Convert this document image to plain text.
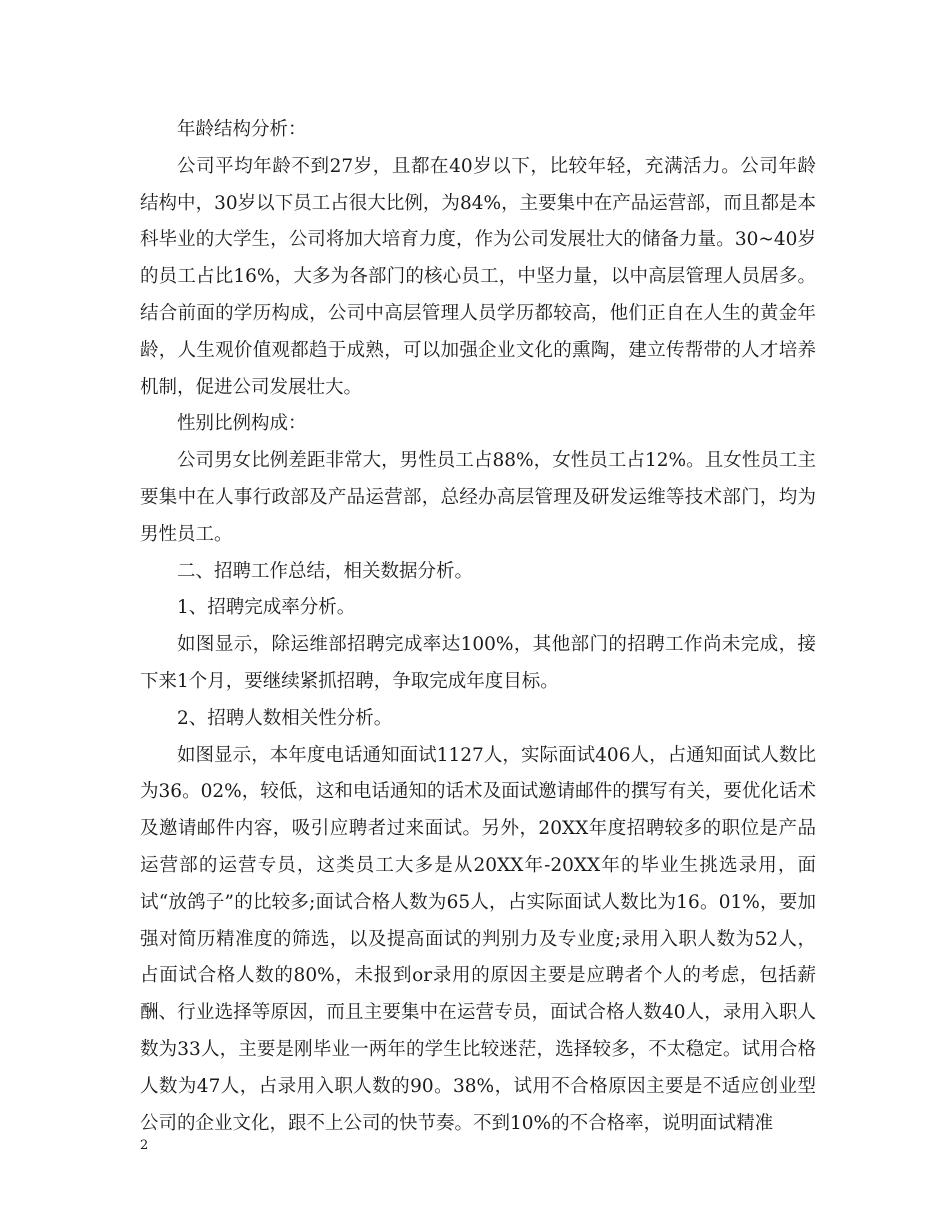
年龄结构分析：

公司平均年龄不到27岁，且都在40岁以下，比较年轻，充满活力。公司年龄结构中，30岁以下员工占很大比例，为84%，主要集中在产品运营部，而且都是本科毕业的大学生，公司将加大培育力度，作为公司发展壮大的储备力量。30~40岁的员工占比16%，大多为各部门的核心员工，中坚力量，以中高层管理人员居多。结合前面的学历构成，公司中高层管理人员学历都较高，他们正自在人生的黄金年龄，人生观价值观都趋于成熟，可以加强企业文化的熏陶，建立传帮带的人才培养机制，促进公司发展壮大。

性别比例构成：

公司男女比例差距非常大，男性员工占88%，女性员工占12%。且女性员工主要集中在人事行政部及产品运营部，总经办高层管理及研发运维等技术部门，均为男性员工。

二、招聘工作总结，相关数据分析。

1、招聘完成率分析。

如图显示，除运维部招聘完成率达100%，其他部门的招聘工作尚未完成，接下来1个月，要继续紧抓招聘，争取完成年度目标。

2、招聘人数相关性分析。

如图显示，本年度电话通知面试1127人，实际面试406人，占通知面试人数比为36。02%，较低，这和电话通知的话术及面试邀请邮件的撰写有关，要优化话术及邀请邮件内容，吸引应聘者过来面试。另外，20XX年度招聘较多的职位是产品运营部的运营专员，这类员工大多是从20XX年-20XX年的毕业生挑选录用，面试“放鸽子”的比较多;面试合格人数为65人，占实际面试人数比为16。01%，要加强对简历精准度的筛选，以及提高面试的判别力及专业度;录用入职人数为52人，占面试合格人数的80%，未报到or录用的原因主要是应聘者个人的考虑，包括薪酬、行业选择等原因，而且主要集中在运营专员，面试合格人数40人，录用入职人数为33人，主要是刚毕业一两年的学生比较迷茫，选择较多，不太稳定。试用合格人数为47人，占录用入职人数的90。38%，试用不合格原因主要是不适应创业型公司的企业文化，跟不上公司的快节奏。不到10%的不合格率，说明面试精准

2
